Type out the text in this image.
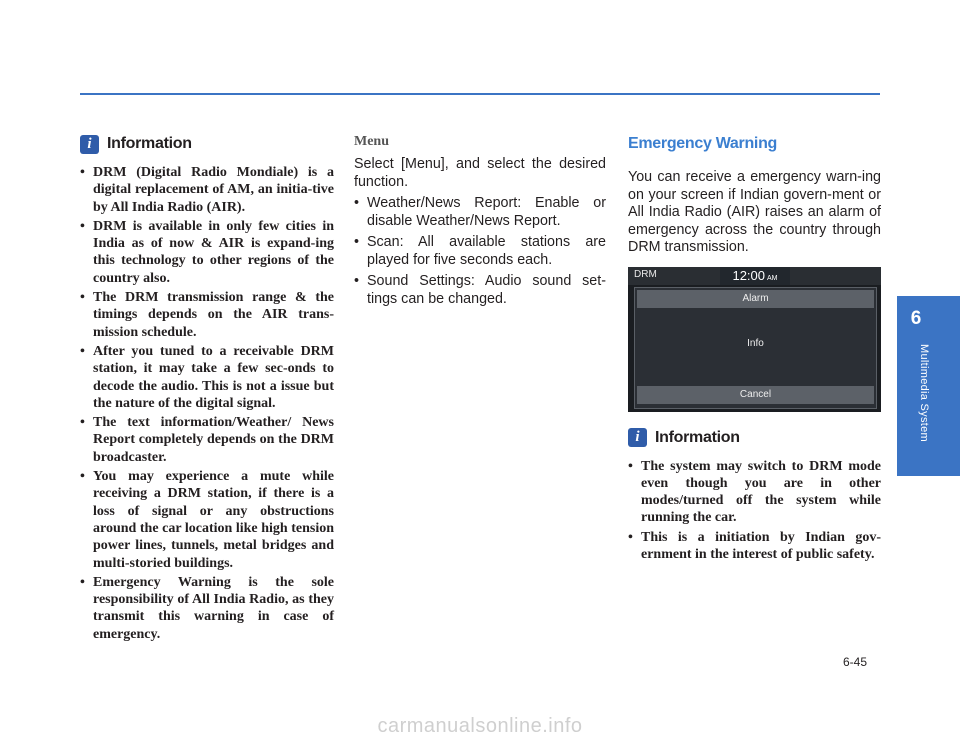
i Information
• DRM (Digital Radio Mondiale) is a digital replacement of AM, an initia-tive by All India Radio (AIR).
• DRM is available in only few cities in India as of now & AIR is expand-ing this technology to other regions of the country also.
• The DRM transmission range & the timings depends on the AIR trans-mission schedule.
• After you tuned to a receivable DRM station, it may take a few sec-onds to decode the audio. This is not a issue but the nature of the digital signal.
• The text information/Weather/ News Report completely depends on the DRM broadcaster.
• You may experience a mute while receiving a DRM station, if there is a loss of signal or any obstructions around the car location like high tension power lines, tunnels, metal bridges and multi-storied buildings.
• Emergency Warning is the sole responsibility of All India Radio, as they transmit this warning in case of emergency.
Menu

Select [Menu], and select the desired function.

• Weather/News Report: Enable or disable Weather/News Report.
• Scan: All available stations are played for five seconds each.
• Sound Settings: Audio sound set-tings can be changed.
Emergency Warning

You can receive a emergency warn-ing on your screen if Indian govern-ment or All India Radio (AIR) raises an alarm of emergency across the country through DRM transmission.

DRM	12:00 AM
Alarm
Info
Cancel
i Information
• The system may switch to DRM mode even though you are in other modes/turned off the system while running the car.
• This is a initiation by Indian gov-ernment in the interest of public safety.
6
Multimedia System
6-45
carmanualsonline.info
